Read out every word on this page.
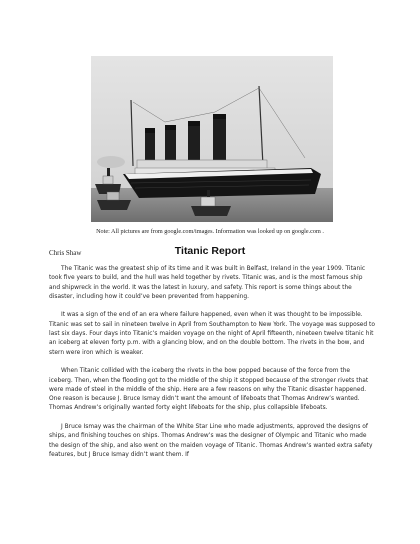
Note: All pictures are from google.com/images. Information was looked up on google.com .
Chris Shaw	Titanic Report

The Titanic was the greatest ship of its time and it was built in Belfast, Ireland in the year 1909. Titanic took five years to build, and the hull was held together by rivets. Titanic was, and is the most famous ship and shipwreck in the world. It was the latest in luxury, and safety. This report is some things about the disaster, including how it could’ve been prevented from happening.

It was a sign of the end of an era where failure happened, even when it was thought to be impossible. Titanic was set to sail in nineteen twelve in April from Southampton to New York. The voyage was supposed to last six days. Four days into Titanic’s maiden voyage on the night of April fifteenth, nineteen twelve titanic hit an iceberg at eleven forty p.m. with a glancing blow, and on the double bottom. The rivets in the bow, and stern were iron which is weaker.

When Titanic collided with the iceberg the rivets in the bow popped because of the force from the iceberg. Then, when the flooding got to the middle of the ship it stopped because of the stronger rivets that were made of steel in the middle of the ship. Here are a few reasons on why the Titanic disaster happened. One reason is because J. Bruce Ismay didn’t want the amount of lifeboats that Thomas Andrew’s wanted. Thomas Andrew’s originally wanted forty eight lifeboats for the ship, plus collapsible lifeboats.

J Bruce Ismay was the chairman of the White Star Line who made adjustments, approved the designs of ships, and finishing touches on ships. Thomas Andrew’s was the designer of Olympic and Titanic who made the design of the ship, and also went on the maiden voyage of Titanic. Thomas Andrew’s wanted extra safety features, but J Bruce Ismay didn’t want them. If
